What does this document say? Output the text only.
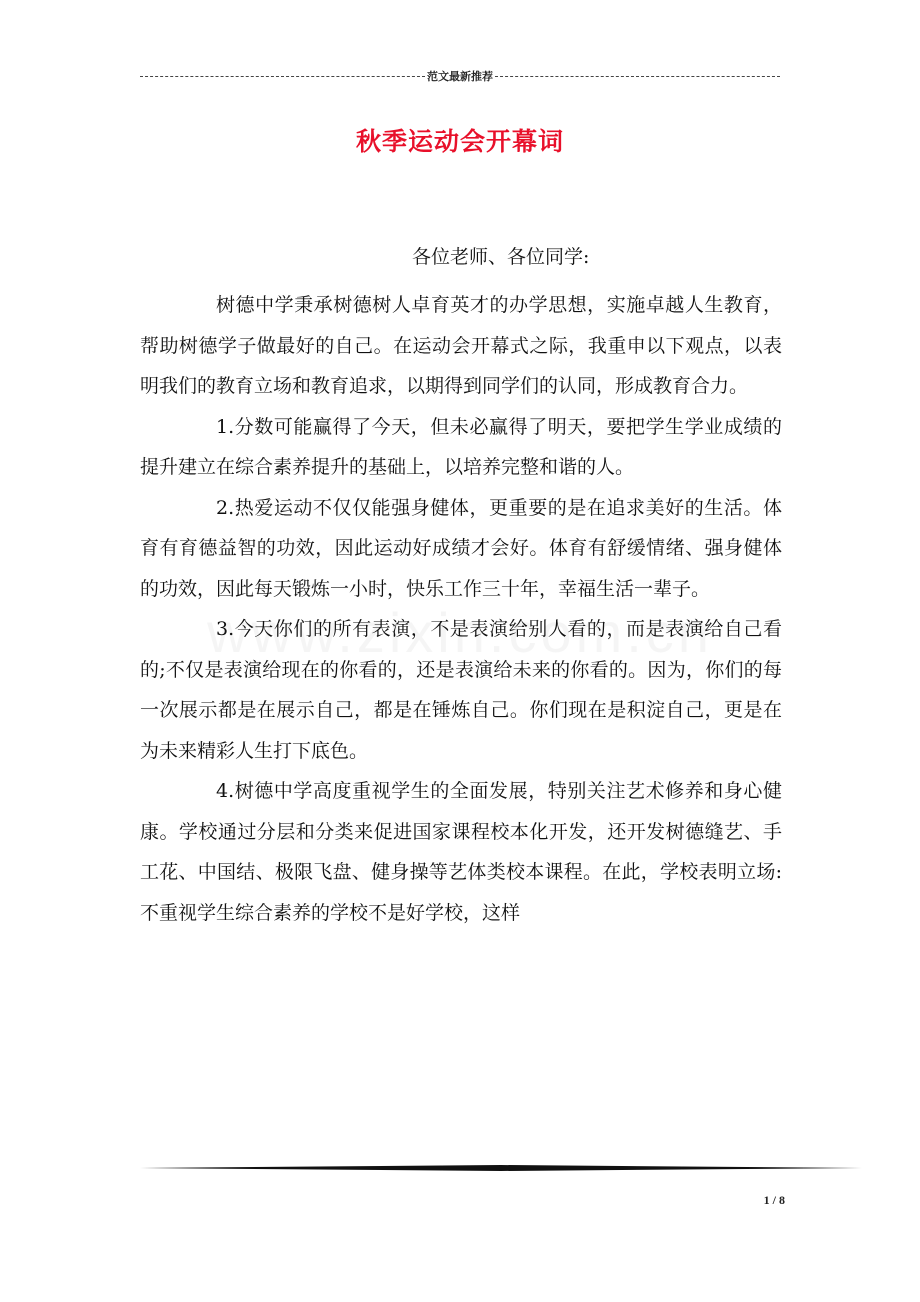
范文最新推荐
秋季运动会开幕词
各位老师、各位同学:

树德中学秉承树德树人卓育英才的办学思想，实施卓越人生教育，帮助树德学子做最好的自己。在运动会开幕式之际，我重申以下观点，以表明我们的教育立场和教育追求，以期得到同学们的认同，形成教育合力。

1.分数可能赢得了今天，但未必赢得了明天，要把学生学业成绩的提升建立在综合素养提升的基础上，以培养完整和谐的人。

2.热爱运动不仅仅能强身健体，更重要的是在追求美好的生活。体育有育德益智的功效，因此运动好成绩才会好。体育有舒缓情绪、强身健体的功效，因此每天锻炼一小时，快乐工作三十年，幸福生活一辈子。

3.今天你们的所有表演，不是表演给别人看的，而是表演给自己看的;不仅是表演给现在的你看的，还是表演给未来的你看的。因为，你们的每一次展示都是在展示自己，都是在锤炼自己。你们现在是积淀自己，更是在为未来精彩人生打下底色。

4.树德中学高度重视学生的全面发展，特别关注艺术修养和身心健康。学校通过分层和分类来促进国家课程校本化开发，还开发树德缝艺、手工花、中国结、极限飞盘、健身操等艺体类校本课程。在此，学校表明立场:不重视学生综合素养的学校不是好学校，这样

1 / 8
